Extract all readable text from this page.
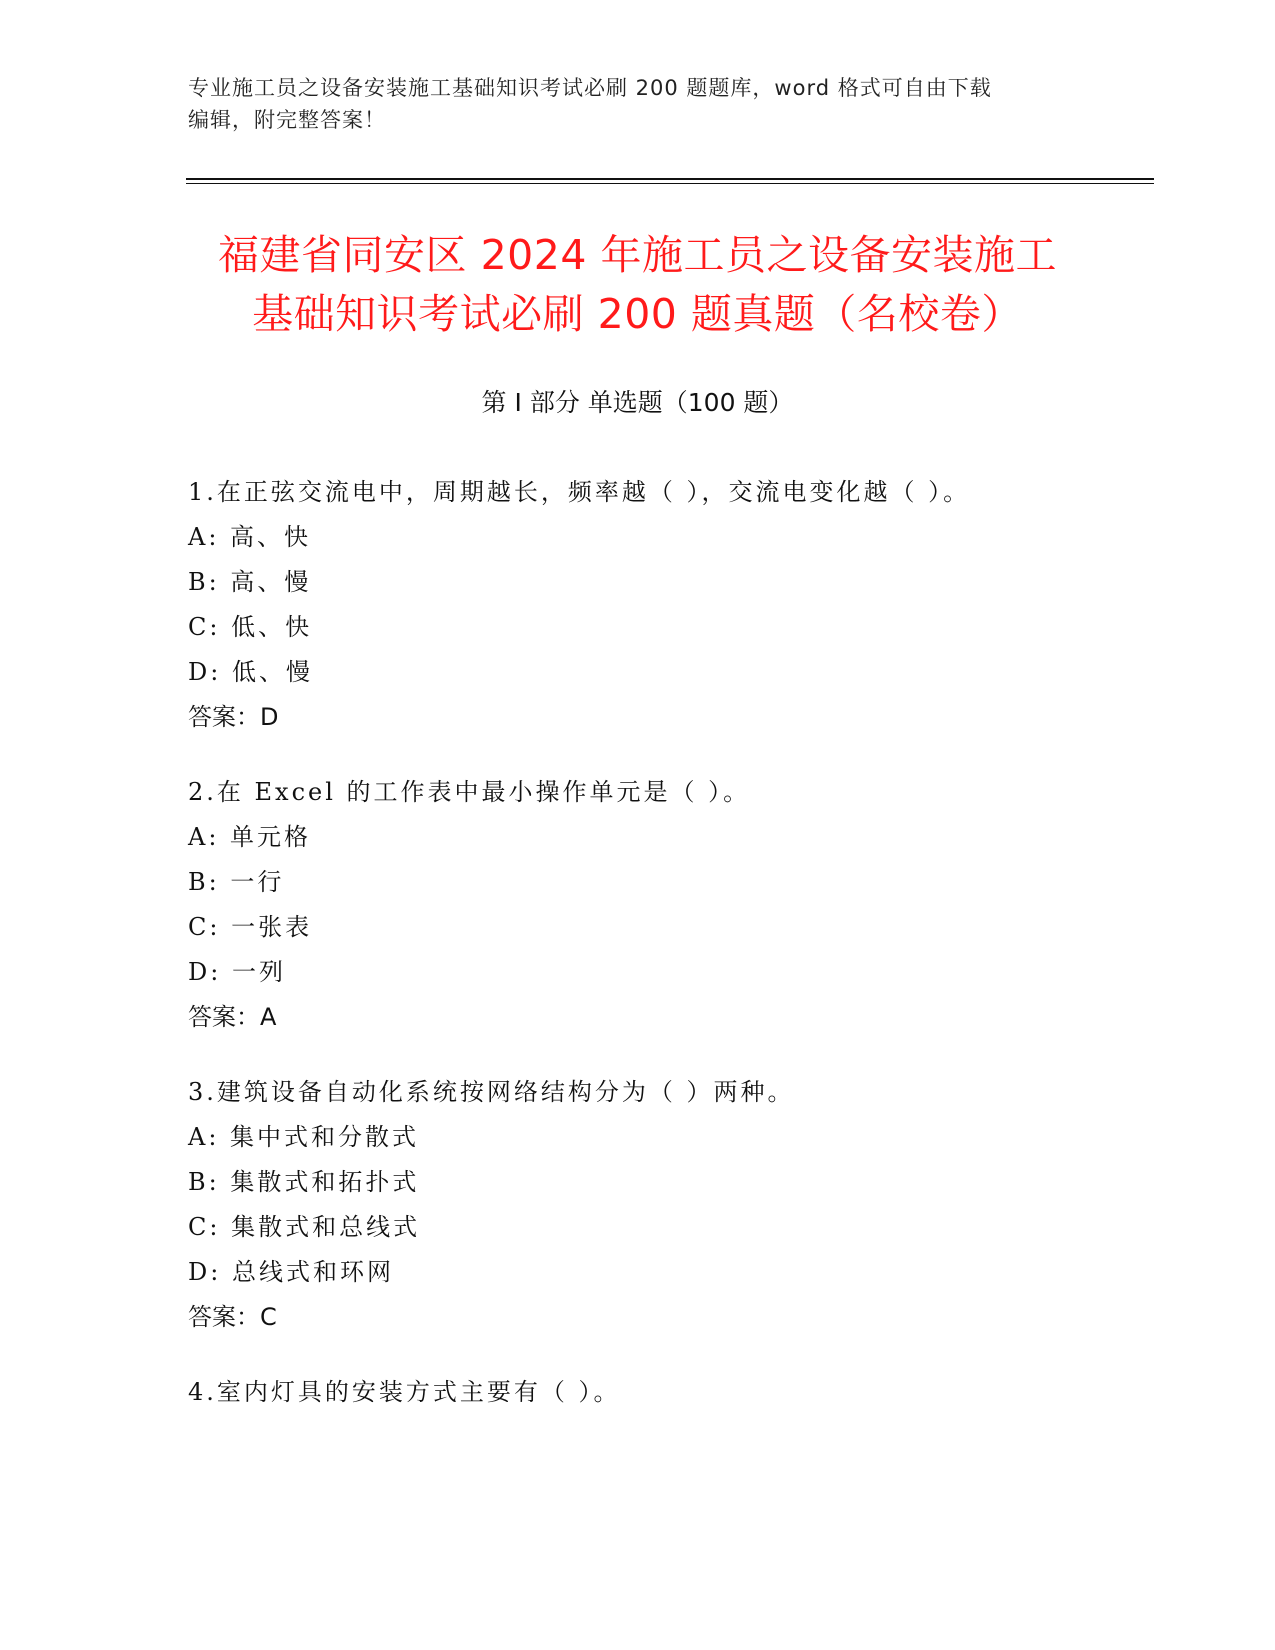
专业施工员之设备安装施工基础知识考试必刷 200 题题库，word 格式可自由下载
编辑，附完整答案！
福建省同安区 2024 年施工员之设备安装施工
基础知识考试必刷 200 题真题（名校卷）
第 I 部分 单选题（100 题）
1.在正弦交流电中，周期越长，频率越（ ），交流电变化越（ ）。
A: 高、快
B: 高、慢
C: 低、快
D: 低、慢
答案：D
2.在 Excel 的工作表中最小操作单元是（ ）。
A: 单元格
B: 一行
C: 一张表
D: 一列
答案：A
3.建筑设备自动化系统按网络结构分为（ ）两种。
A: 集中式和分散式
B: 集散式和拓扑式
C: 集散式和总线式
D: 总线式和环网
答案：C
4.室内灯具的安装方式主要有（ ）。
